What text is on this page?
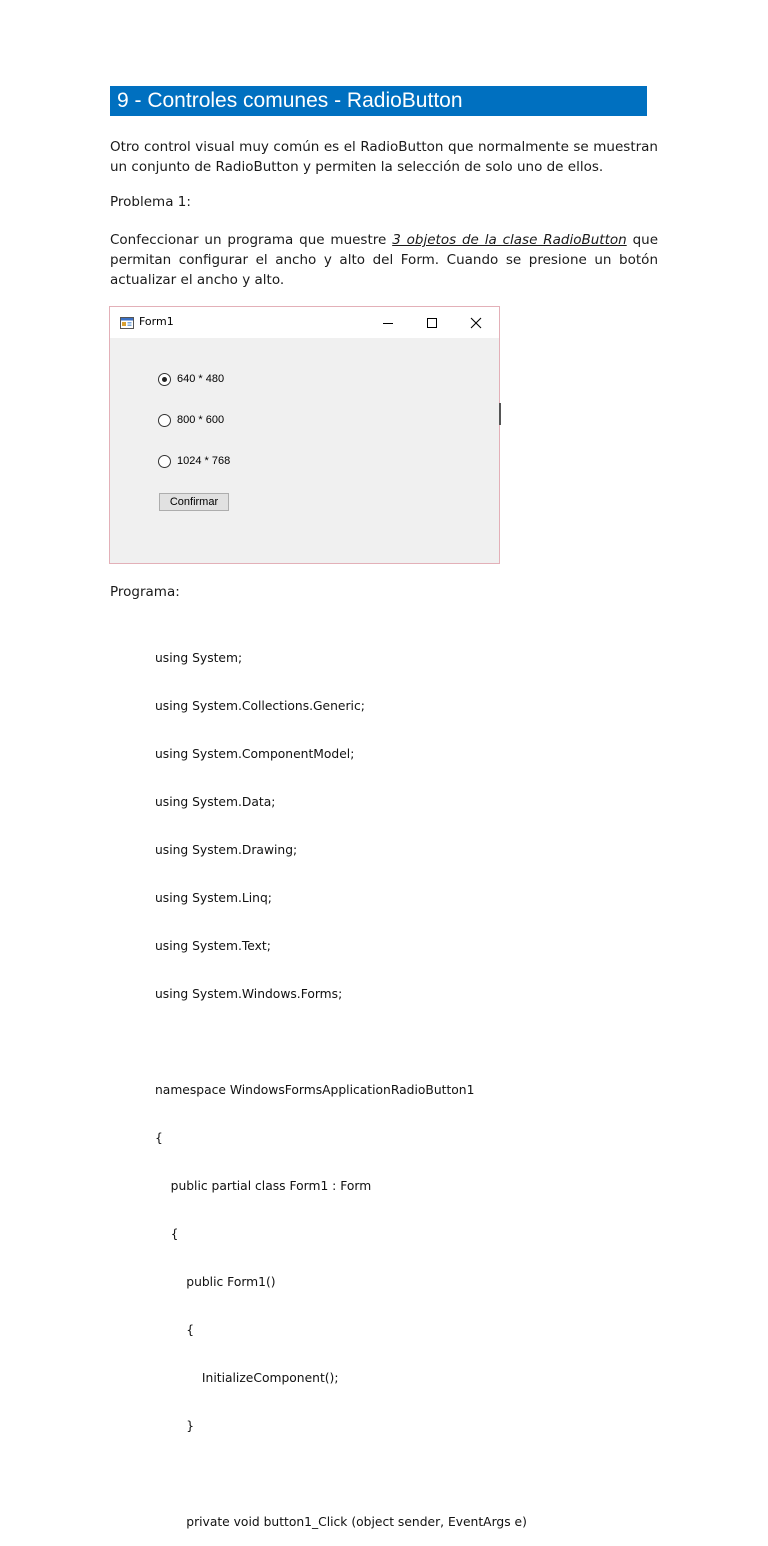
9 - Controles comunes - RadioButton

Otro control visual muy común es el RadioButton que normalmente se muestran un conjunto de RadioButton y permiten la selección de solo uno de ellos.

Problema 1:

Confeccionar un programa que muestre 3 objetos de la clase RadioButton que permitan configurar el ancho y alto del Form. Cuando se presione un botón actualizar el ancho y alto.

Form1
640 * 480
800 * 600
1024 * 768
Confirmar

Programa:

using System;

using System.Collections.Generic;

using System.ComponentModel;

using System.Data;

using System.Drawing;

using System.Linq;

using System.Text;

using System.Windows.Forms;

namespace WindowsFormsApplicationRadioButton1

{

public partial class Form1 : Form

{

public Form1()

{

InitializeComponent();

}

private void button1_Click (object sender, EventArgs e)
